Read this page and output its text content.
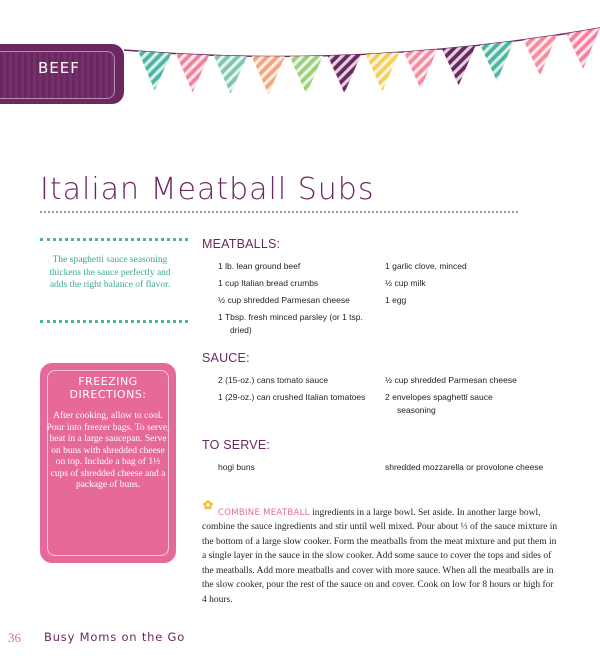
BEEF
Italian Meatball Subs
The spaghetti sauce seasoning thickens the sauce perfectly and adds the right balance of flavor.
FREEZING
DIRECTIONS:
After cooking, allow to cool. Pour into freezer bags. To serve, heat in a large saucepan. Serve on buns with shredded cheese on top. Include a bag of 1½ cups of shredded cheese and a package of buns.
MEATBALLS:
1 lb. lean ground beef
1 cup Italian bread crumbs
½ cup shredded Parmesan cheese
1 Tbsp. fresh minced parsley (or 1 tsp. dried)
1 garlic clove, minced
½ cup milk
1 egg
SAUCE:
2 (15-oz.) cans tomato sauce
1 (29-oz.) can crushed Italian tomatoes
½ cup shredded Parmesan cheese
2 envelopes spaghetti sauce seasoning
TO SERVE:
hogi buns	shredded mozzarella or provolone cheese

COMBINE MEATBALL ingredients in a large bowl. Set aside. In another large bowl, combine the sauce ingredients and stir until well mixed. Pour about ⅓ of the sauce mixture in the bottom of a large slow cooker. Form the meatballs from the meat mixture and put them in a single layer in the sauce in the slow cooker. Add some sauce to cover the tops and sides of the meatballs. Add more meatballs and cover with more sauce. When all the meatballs are in the slow cooker, pour the rest of the sauce on and cover. Cook on low for 8 hours or high for 4 hours.

36 Busy Moms on the Go
